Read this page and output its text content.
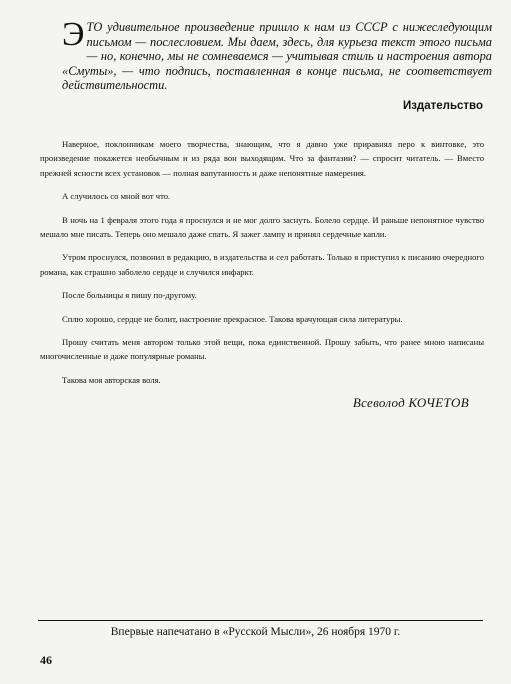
ЭТО удивительное произведение пришло к нам из СССР с нижеследующим письмом — послесловием. Мы даем, здесь, для курьеза текст этого письма — но, конечно, мы не сомневаемся — учитывая стиль и настроения автора «Смуты», — что подпись, поставленная в конце письма, не соответствует действительности.
Издательство

Наверное, поклонникам моего творчества, знающим, что я давно уже приравнял перо к винтовке, это произведение покажется необычным и из ряда вон выходящим. Что за фантазии? — спросит читатель. — Вместо прежней ясности всех установок — полная вапутанность и даже непонятные намерения.

А случилось со мной вот что.

В ночь на 1 февраля этого года я проснулся и не мог долго заснуть. Болело сердце. И раньше непонятное чувство мешало мне писать. Теперь оно мешало даже спать. Я зажег лампу и принял сердечные капли.

Утром проснулся, позвонил в редакцию, в издательства и сел работать. Только я приступил к писанию очередного романа, как страшно заболело сердце и случился инфаркт.

После больницы я пишу по-другому.

Сплю хорошо, сердце не болит, настроение прекрасное. Такова врачующая сила литературы.

Прошу считать меня автором только этой вещи, пока единственной. Прошу забыть, что ранее мною написаны многочисленные и даже популярные романы.

Такова моя авторская воля.

Всеволод КОЧЕТОВ
Впервые напечатано в «Русской Мысли», 26 ноября 1970 г.
46
